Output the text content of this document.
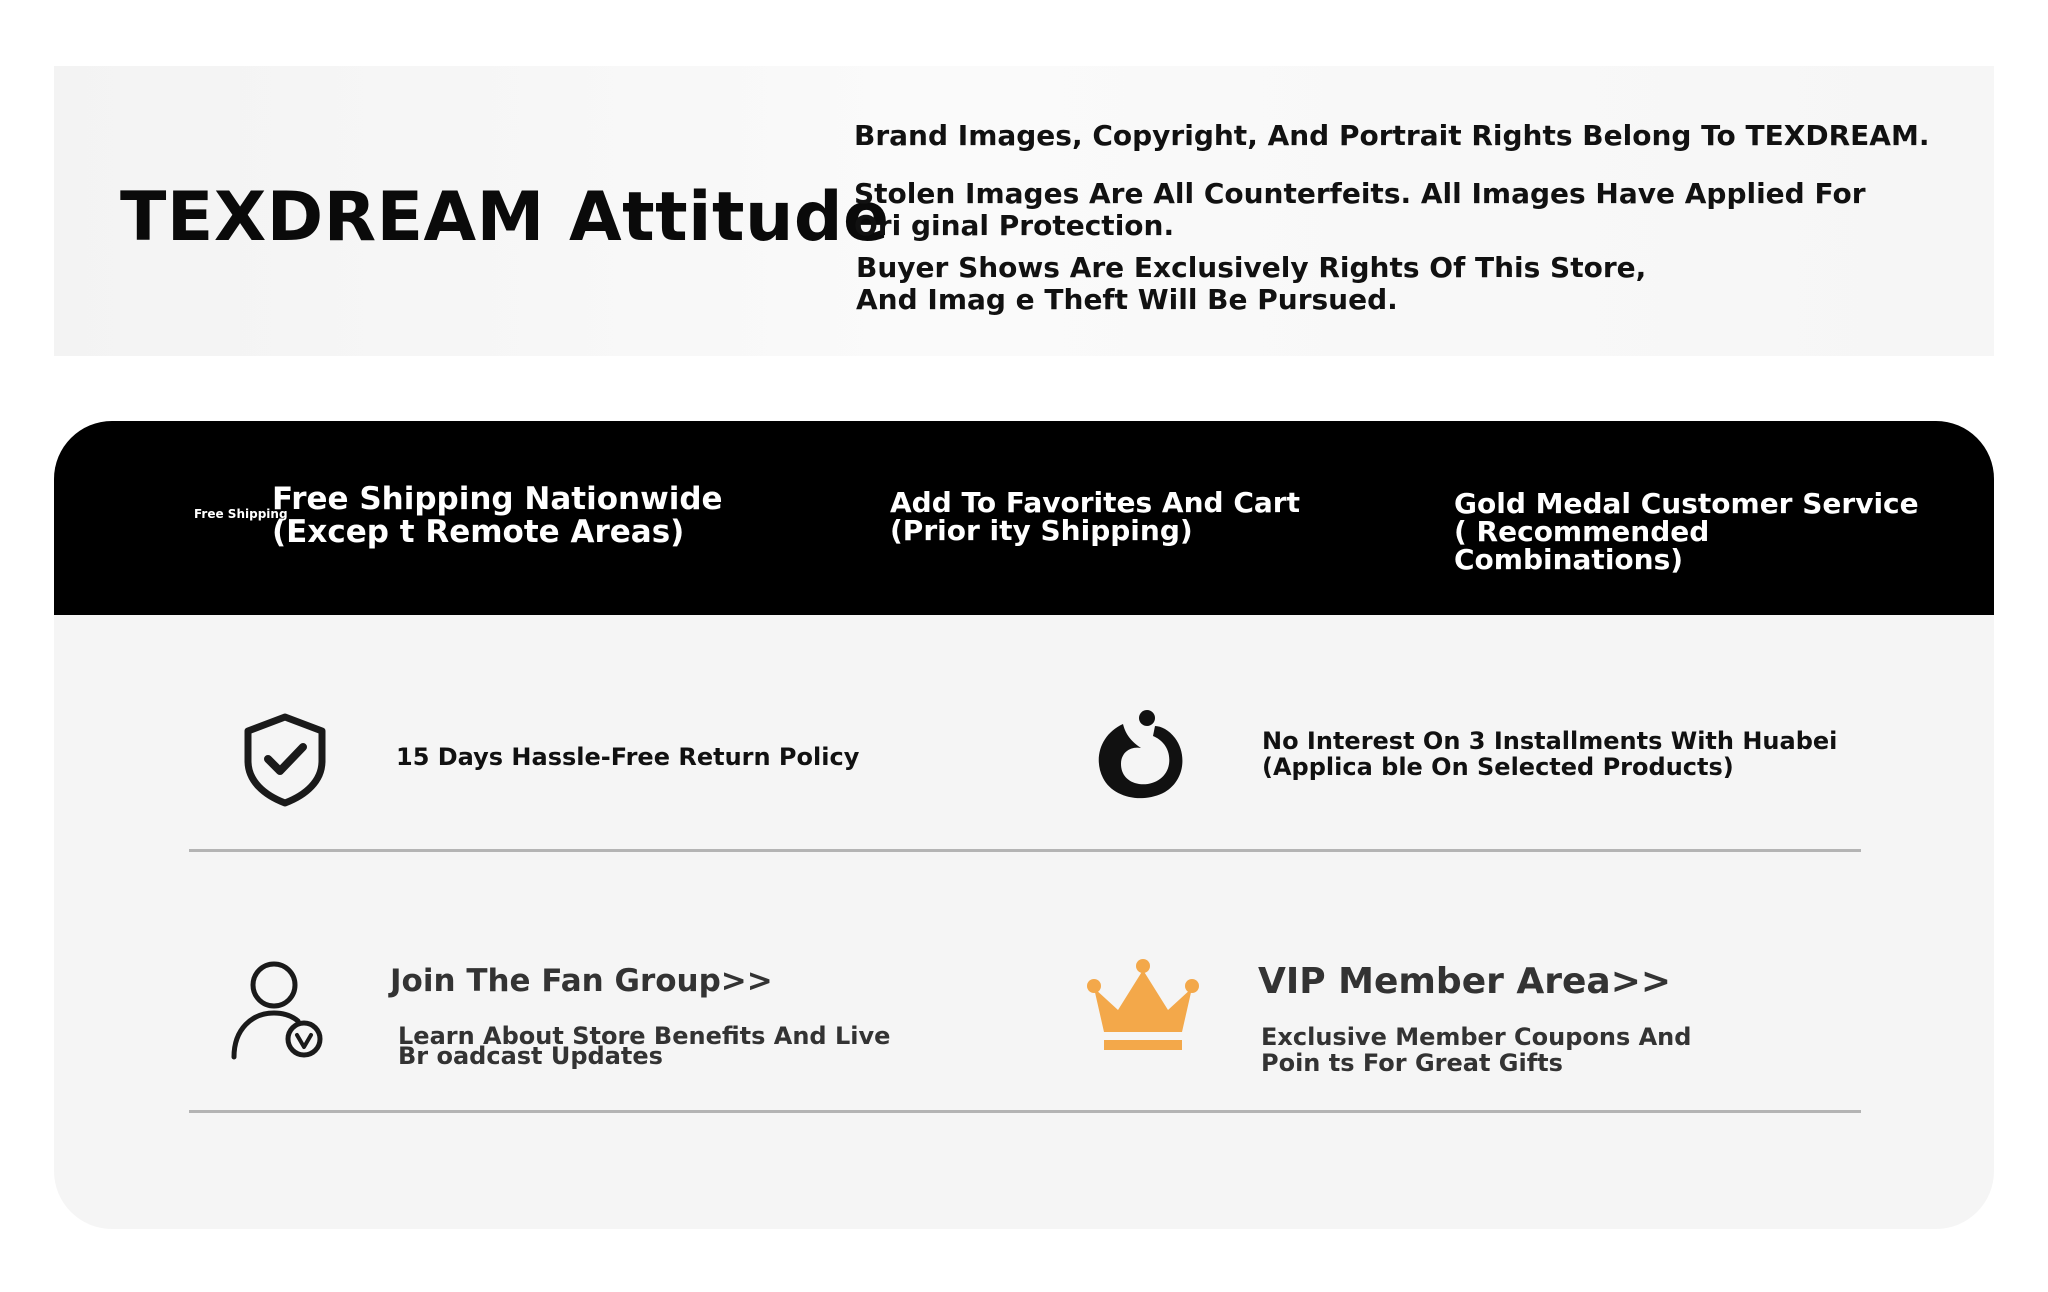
TEXDREAM Attitude

Brand Images, Copyright, And Portrait Rights Belong To TEXDREAM.

Stolen Images Are All Counterfeits. All Images Have Applied For Ori ginal Protection.

Buyer Shows Are Exclusively Rights Of This Store, And Imag e Theft Will Be Pursued.

Free Shipping
Free Shipping Nationwide (Excep t Remote Areas)
Add To Favorites And Cart (Prior ity Shipping)
Gold Medal Customer Service ( Recommended Combinations)

15 Days Hassle-Free Return Policy

No Interest On 3 Installments With Huabei (Applica ble On Selected Products)

Join The Fan Group>>

Learn About Store Benefits And Live Br oadcast Updates

VIP Member Area>>

Exclusive Member Coupons And Poin ts For Great Gifts
